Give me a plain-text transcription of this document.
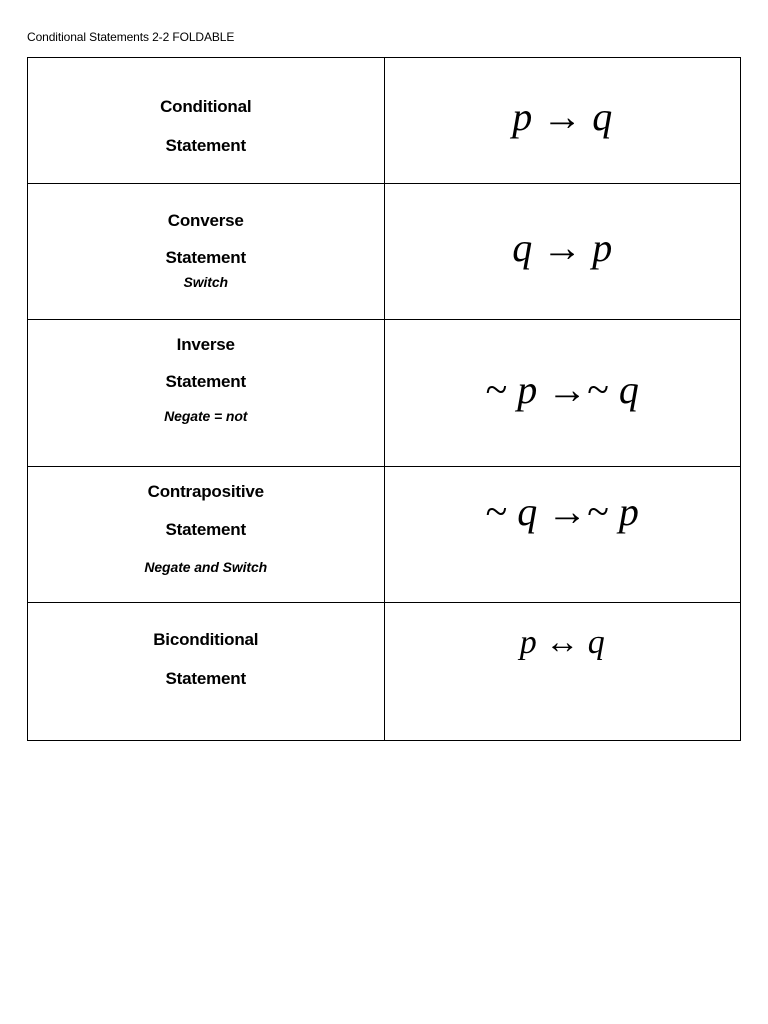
Conditional Statements 2-2 FOLDABLE
Conditional
Statement	p → q

Converse
Statement
Switch	q → p

Inverse
Statement
Negate = not	~ p →~ q

Contrapositive
Statement
Negate and Switch	~ q →~ p

Biconditional
Statement	p ↔ q
